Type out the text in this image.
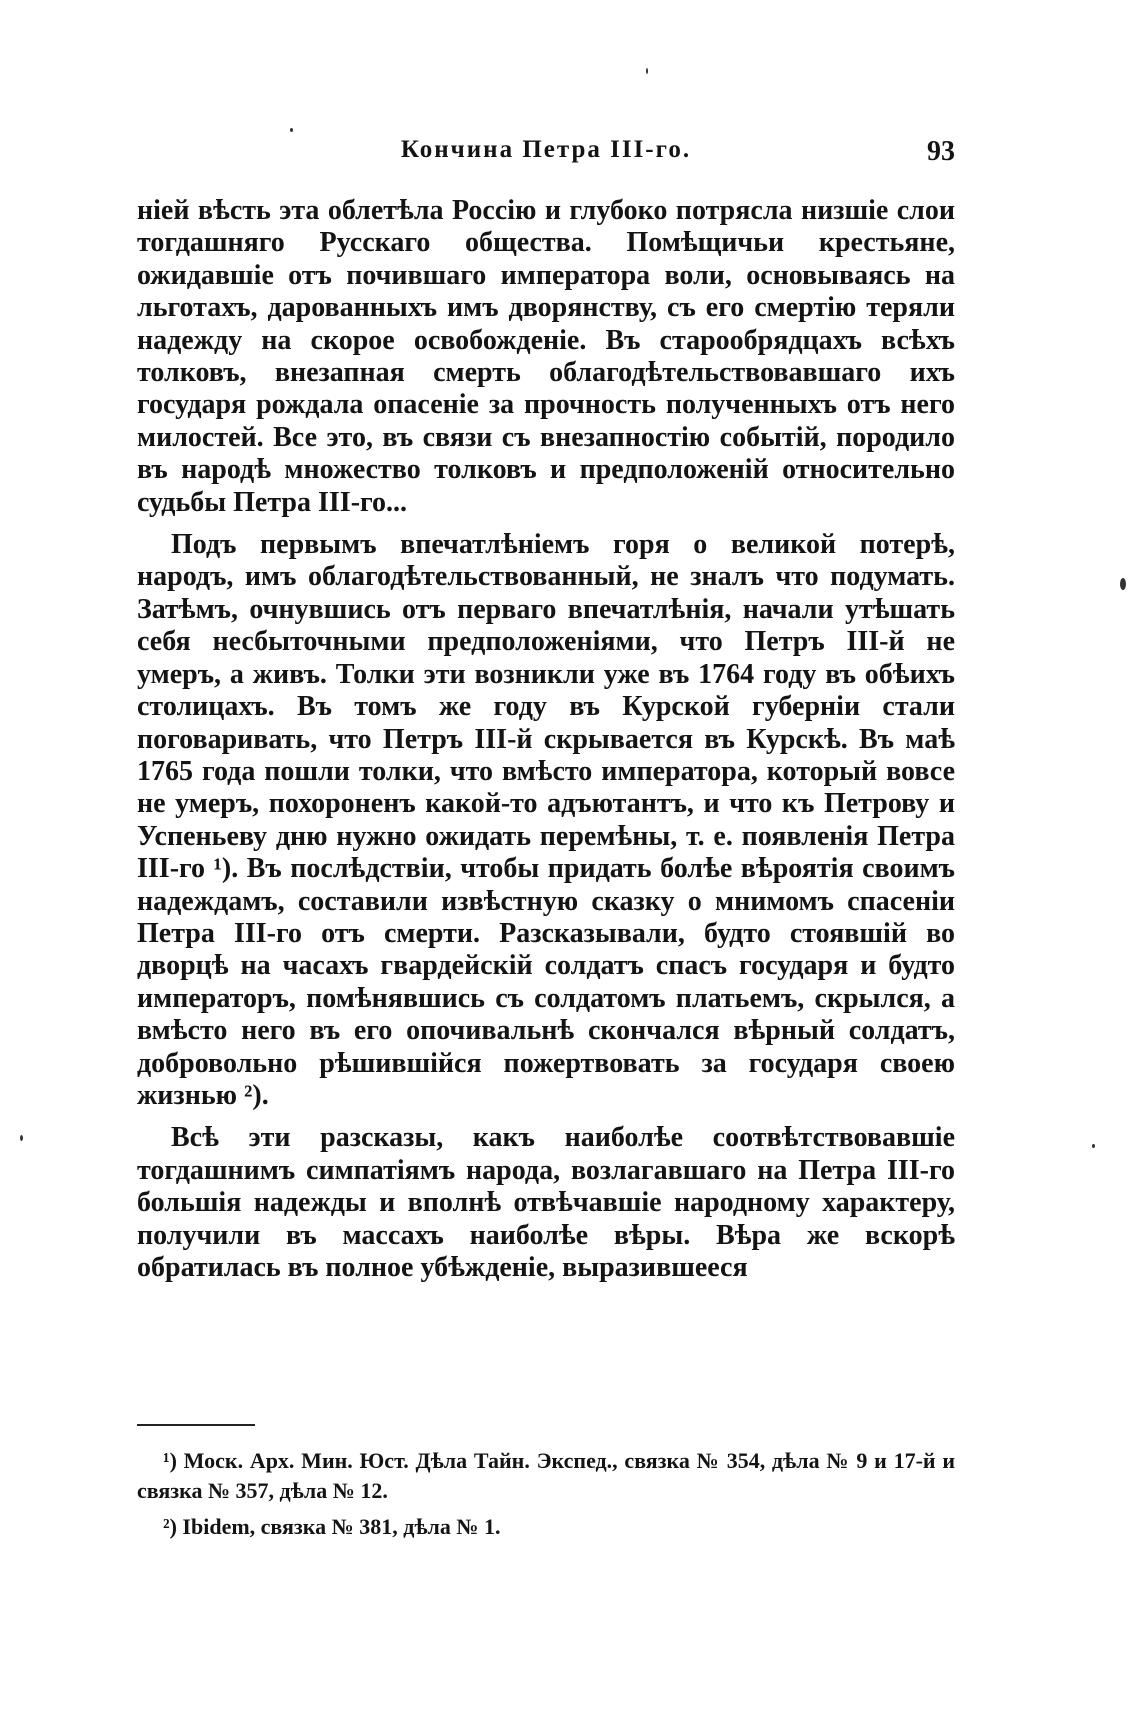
Кончина Петра III-го.	93

ніей вѣсть эта облетѣла Россію и глубоко потрясла низшіе слои тогдашняго Русскаго общества. Помѣщичьи крестьяне, ожидавшіе отъ почившаго императора воли, основываясь на льготахъ, дарованныхъ имъ дворянству, съ его смертію теряли надежду на скорое освобожденіе. Въ старообрядцахъ всѣхъ толковъ, внезапная смерть облагодѣтельствовавшаго ихъ государя рождала опасеніе за прочность полученныхъ отъ него милостей. Все это, въ связи съ внезапностію событій, породило въ народѣ множество толковъ и предположеній относительно судьбы Петра III-го...

Подъ первымъ впечатлѣніемъ горя о великой потерѣ, народъ, имъ облагодѣтельствованный, не зналъ что подумать. Затѣмъ, очнувшись отъ перваго впечатлѣнія, начали утѣшать себя несбыточными предположеніями, что Петръ III-й не умеръ, а живъ. Толки эти возникли уже въ 1764 году въ обѣихъ столицахъ. Въ томъ же году въ Курской губерніи стали поговаривать, что Петръ III-й скрывается въ Курскѣ. Въ маѣ 1765 года пошли толки, что вмѣсто императора, который вовсе не умеръ, похороненъ какой-то адъютантъ, и что къ Петрову и Успеньеву дню нужно ожидать перемѣны, т. е. появленія Петра III-го ¹). Въ послѣдствіи, чтобы придать болѣе вѣроятія своимъ надеждамъ, составили извѣстную сказку о мнимомъ спасеніи Петра III-го отъ смерти. Разсказывали, будто стоявшій во дворцѣ на часахъ гвардейскій солдатъ спасъ государя и будто императоръ, помѣнявшись съ солдатомъ платьемъ, скрылся, а вмѣсто него въ его опочивальнѣ скончался вѣрный солдатъ, добровольно рѣшившійся пожертвовать за государя своею жизнью ²).

Всѣ эти разсказы, какъ наиболѣе соотвѣтствовавшіе тогдашнимъ симпатіямъ народа, возлагавшаго на Петра III-го большія надежды и вполнѣ отвѣчавшіе народному характеру, получили въ массахъ наиболѣе вѣры. Вѣра же вскорѣ обратилась въ полное убѣжденіе, выразившееся

¹) Моск. Арх. Мин. Юст. Дѣла Тайн. Экспед., связка № 354, дѣла № 9 и 17-й и связка № 357, дѣла № 12.

²) Ibidem, связка № 381, дѣла № 1.
